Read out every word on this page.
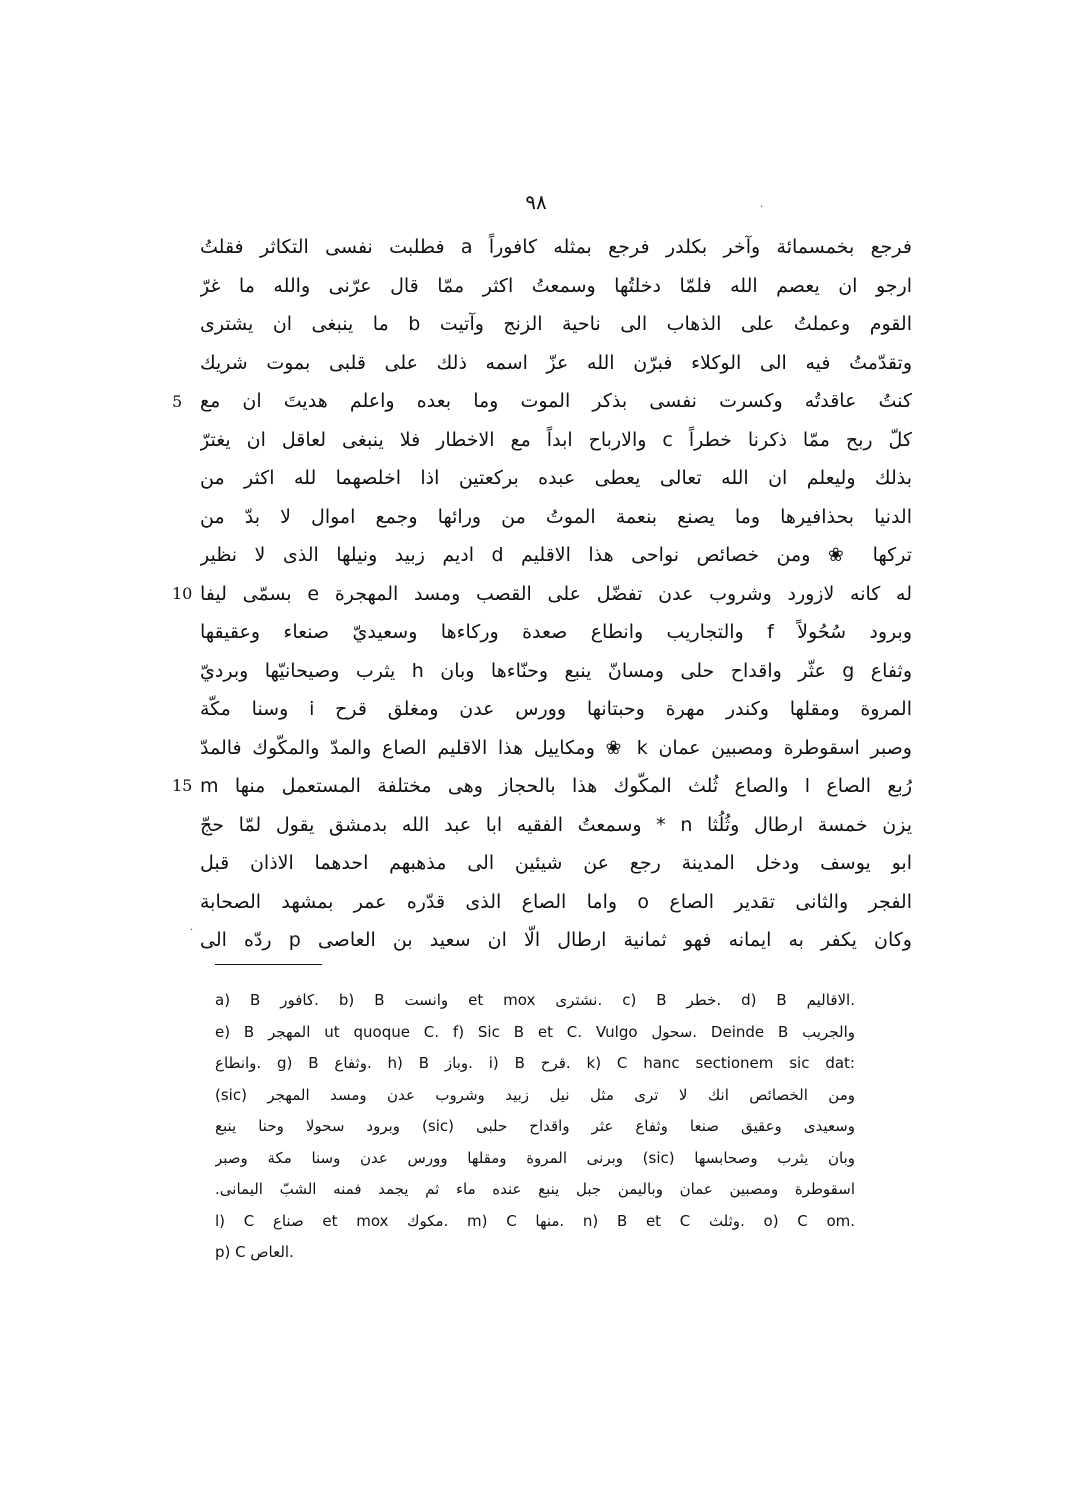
٩٨	·
فرجع بخمسمائة وآخر بكلدر فرجع بمثله كافوراً a فطلبت نفسى التكاثر فقلتُ
ارجو ان يعصم الله فلمّا دخلتُها وسمعتُ اكثر ممّا قال عرّنى والله ما غرّ
القوم وعملتُ على الذهاب الى ناحية الزنج وآتيت b ما ينبغى ان يشترى
وتقدّمتُ فيه الى الوكلاء فبرّن الله عزّ اسمه ذلك على قلبى بموت شريك
كنتُ عاقدتُه وكسرت نفسى بذكر الموت وما بعده واعلم هديتَ ان مع
كلّ ربح ممّا ذكرنا خطراً c والارباح ابداً مع الاخطار فلا ينبغى لعاقل ان يغترّ
بذلك وليعلم ان الله تعالى يعطى عبده بركعتين اذا اخلصهما لله اكثر من
الدنيا بحذافيرها وما يصنع بنعمة الموتُ من ورائها وجمع اموال لا بدّ من
تركها ❀ ومن خصائص نواحى هذا الاقليم d اديم زبيد ونيلها الذى لا نظير
له كانه لازورد وشروب عدن تفضّل على القصب ومسد المهجرة e بسمّى ليفا
وبرود سُحُولاً f والتجاريب وانطاع صعدة وركاءها وسعيديّ صنعاء وعقيقها
وثفاع g عثّر واقداح حلى ومسانّ ينبع وحنّاءها وبان h يثرب وصيحانيّها وبرديّ
المروة ومقلها وكندر مهرة وحبتانها وورس عدن ومغلق قرح i وسنا مكّة
وصبر اسقوطرة ومصبين عمان k ❀ ومكاييل هذا الاقليم الصاع والمدّ والمكّوك فالمدّ
رُبع الصاع l والصاع ثُلث المكّوك هذا بالحجاز وهى مختلفة المستعمل منها m
يزن خمسة ارطال وثُلُثا n * وسمعتُ الفقيه ابا عبد الله بدمشق يقول لمّا حجّ
ابو يوسف ودخل المدينة رجع عن شيئين الى مذهبهم احدهما الاذان قبل
الفجر والثانى تقدير الصاع o واما الصاع الذى قدّره عمر بمشهد الصحابة
وكان يكفر به ايمانه فهو ثمانية ارطال الّا ان سعيد بن العاصى p ردّه الى
5
10
15
·
a) B كافور. b) B وانست et mox نشترى. c) B خطر. d) B الاقاليم.
e) B المهجر ut quoque C. f) Sic B et C. Vulgo سحول. Deinde B والجريب
وانطاع. g) B وثفاع. h) B وباز. i) B قرح. k) C hanc sectionem sic dat:
ومن الخصائص انك لا ترى مثل نيل زبيد وشروب عدن ومسد المهجر (sic)
وسعيدى وعقيق صنعا وثفاع عثر واقداح حلبى (sic) وبرود سحولا وحنا ينبع
وبان يثرب وصحابسها (sic) وبرنى المروة ومقلها وورس عدن وسنا مكة وصبر
اسقوطرة ومصبين عمان وباليمن جبل ينبع عنده ماء ثم يجمد فمنه الشبّ اليمانى.
l) C صناع et mox مكوك. m) C منها. n) B et C وثلث. o) C om.
p) C العاص.
